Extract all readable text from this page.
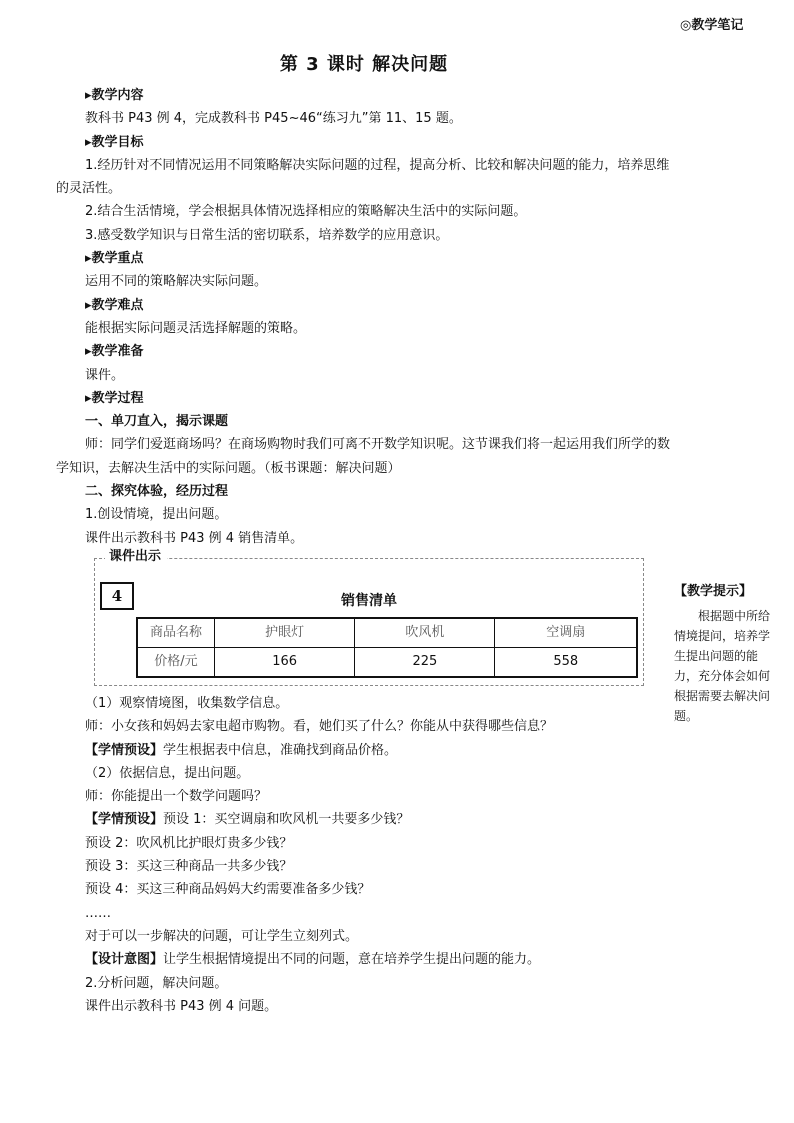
◎教学笔记
第 3 课时 解决问题

▸教学内容

教科书 P43 例 4，完成教科书 P45~46“练习九”第 11、15 题。

▸教学目标

1.经历针对不同情况运用不同策略解决实际问题的过程，提高分析、比较和解决问题的能力，培养思维的灵活性。

2.结合生活情境，学会根据具体情况选择相应的策略解决生活中的实际问题。

3.感受数学知识与日常生活的密切联系，培养数学的应用意识。

▸教学重点

运用不同的策略解决实际问题。

▸教学难点

能根据实际问题灵活选择解题的策略。

▸教学准备

课件。

▸教学过程

一、单刀直入，揭示课题

师：同学们爱逛商场吗？在商场购物时我们可离不开数学知识呢。这节课我们将一起运用我们所学的数学知识，去解决生活中的实际问题。（板书课题：解决问题）

二、探究体验，经历过程

1.创设情境，提出问题。

课件出示教科书 P43 例 4 销售清单。

课件出示
4	销售清单
商品名称	护眼灯	吹风机	空调扇
价格/元	166	225	558

（1）观察情境图，收集数学信息。

师：小女孩和妈妈去家电超市购物。看，她们买了什么？你能从中获得哪些信息？

【学情预设】学生根据表中信息，准确找到商品价格。

（2）依据信息，提出问题。

师：你能提出一个数学问题吗？

【学情预设】预设 1：买空调扇和吹风机一共要多少钱？

预设 2：吹风机比护眼灯贵多少钱？

预设 3：买这三种商品一共多少钱？

预设 4：买这三种商品妈妈大约需要准备多少钱？

……

对于可以一步解决的问题，可让学生立刻列式。

【设计意图】让学生根据情境提出不同的问题，意在培养学生提出问题的能力。

2.分析问题，解决问题。

课件出示教科书 P43 例 4 问题。

【教学提示】

根据题中所给情境提问，培养学生提出问题的能力，充分体会如何根据需要去解决问题。
